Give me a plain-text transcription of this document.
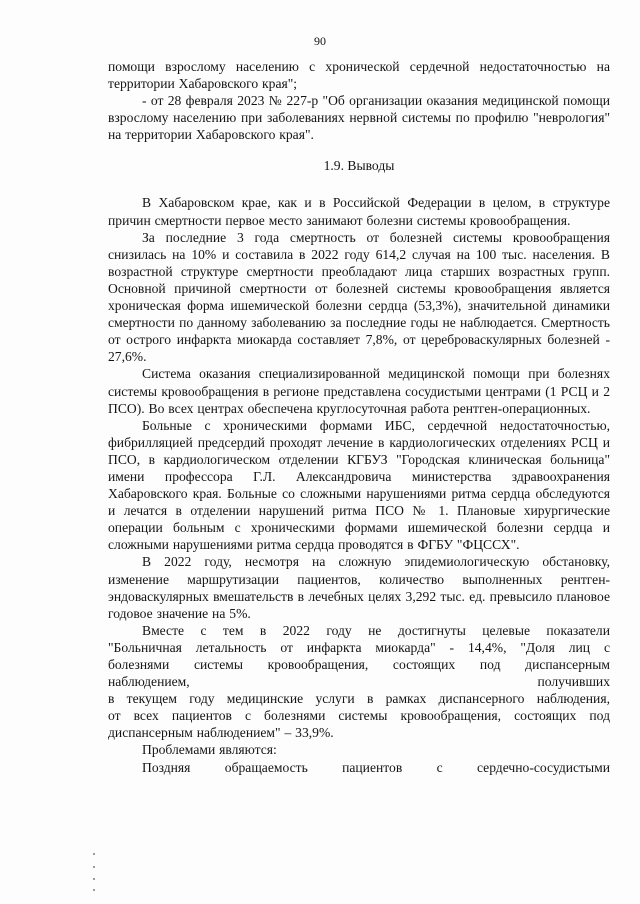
90

помощи взрослому населению с хронической сердечной недостаточностью на территории Хабаровского края";

- от 28 февраля 2023 № 227-р "Об организации оказания медицинской помощи взрослому населению при заболеваниях нервной системы по профилю "неврология" на территории Хабаровского края".

1.9. Выводы

В Хабаровском крае, как и в Российской Федерации в целом, в структуре причин смертности первое место занимают болезни системы кровообращения.

За последние 3 года смертность от болезней системы кровообращения снизилась на 10% и составила в 2022 году 614,2 случая на 100 тыс. населения. В возрастной структуре смертности преобладают лица старших возрастных групп. Основной причиной смертности от болезней системы кровообращения является хроническая форма ишемической болезни сердца (53,3%), значительной динамики смертности по данному заболеванию за последние годы не наблюдается. Смертность от острого инфаркта миокарда составляет 7,8%, от цереброваскулярных болезней - 27,6%.

Система оказания специализированной медицинской помощи при болезнях системы кровообращения в регионе представлена сосудистыми центрами (1 РСЦ и 2 ПСО). Во всех центрах обеспечена круглосуточная работа рентген-операционных.

Больные с хроническими формами ИБС, сердечной недостаточностью, фибрилляцией предсердий проходят лечение в кардиологических отделениях РСЦ и ПСО, в кардиологическом отделении КГБУЗ "Городская клиническая больница" имени профессора Г.Л. Александровича министерства здравоохранения Хабаровского края. Больные со сложными нарушениями ритма сердца обследуются и лечатся в отделении нарушений ритма ПСО № 1. Плановые хирургические операции больным с хроническими формами ишемической болезни сердца и сложными нарушениями ритма сердца проводятся в ФГБУ "ФЦССХ".

В 2022 году, несмотря на сложную эпидемиологическую обстановку, изменение маршрутизации пациентов, количество выполненных рентген-эндоваскулярных вмешательств в лечебных целях 3,292 тыс. ед. превысило плановое годовое значение на 5%.

Вместе с тем в 2022 году не достигнуты целевые показатели
"Больничная летальность от инфаркта миокарда" - 14,4%, "Доля лиц с
болезнями системы кровообращения, состоящих под диспансерным
наблюдением, получивших
в текущем году медицинские услуги в рамках диспансерного наблюдения,
от всех пациентов с болезнями системы кровообращения, состоящих под
диспансерным наблюдением" – 33,9%.

Проблемами являются:

Поздняя обращаемость пациентов с сердечно-сосудистыми
